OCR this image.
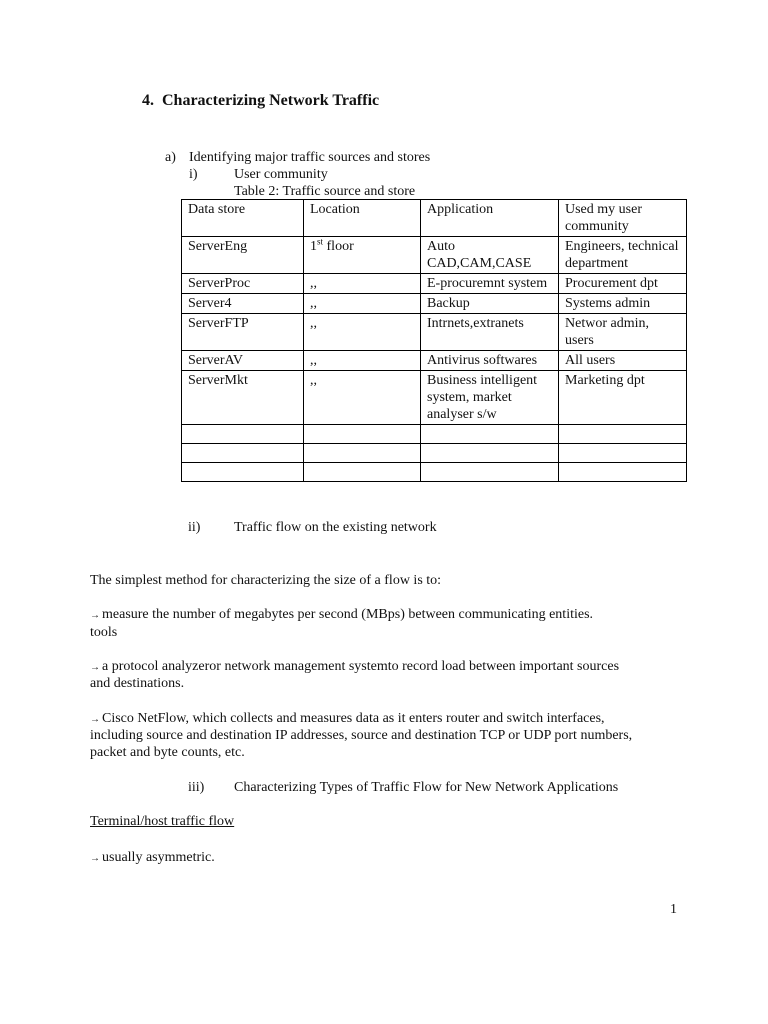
4. Characterizing Network Traffic
a) Identifying major traffic sources and stores
i)	User community
Table 2: Traffic source and store
Data store	Location	Application	Used my user community
ServerEng	1st floor	Auto CAD,CAM,CASE	Engineers, technical department
ServerProc	,,	E-procuremnt system	Procurement dpt
Server4	,,	Backup	Systems admin
ServerFTP	,,	Intrnets,extranets	Networ admin, users
ServerAV	,,	Antivirus softwares	All users
ServerMkt	,,	Business intelligent system, market analyser s/w	Marketing dpt

ii) Traffic flow on the existing network
The simplest method for characterizing the size of a flow is to:
→ measure the number of megabytes per second (MBps) between communicating entities.
tools
→ a protocol analyzeror network management systemto record load between important sources
and destinations.
→ Cisco NetFlow, which collects and measures data as it enters router and switch interfaces,
including source and destination IP addresses, source and destination TCP or UDP port numbers,
packet and byte counts, etc.
iii) Characterizing Types of Traffic Flow for New Network Applications
Terminal/host traffic flow
→ usually asymmetric.
1
